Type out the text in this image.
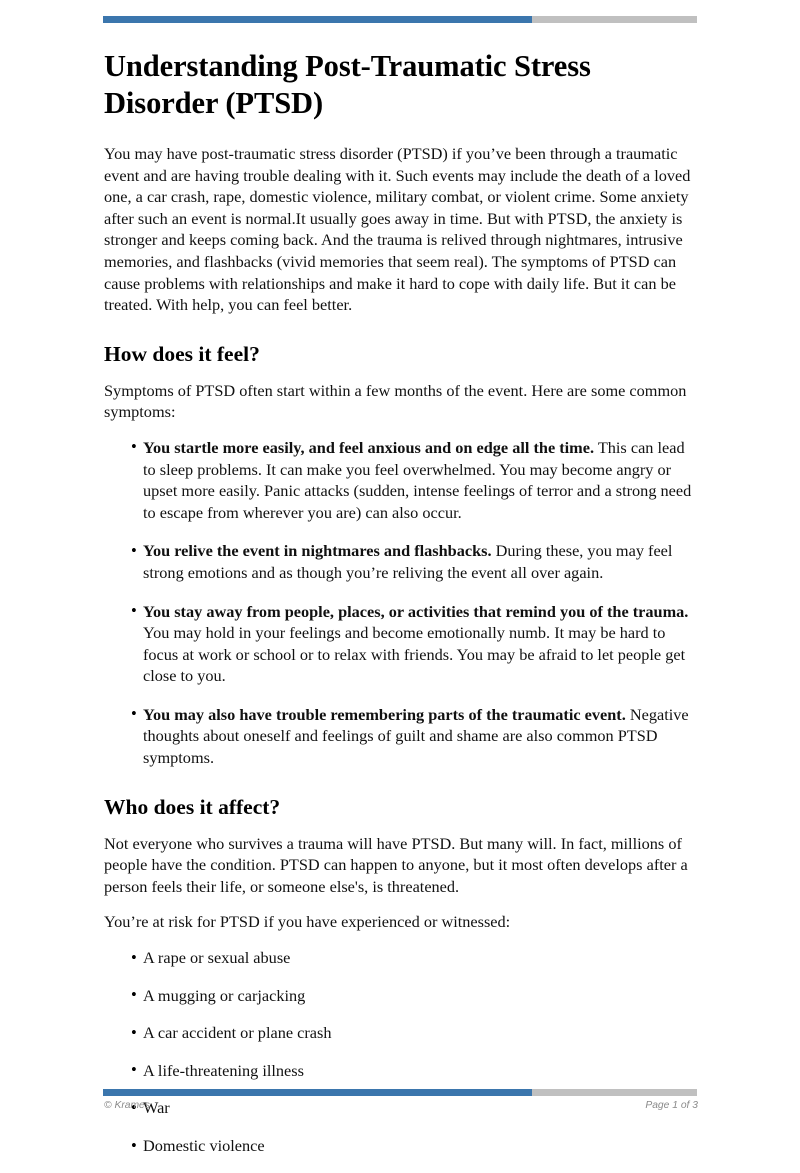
Understanding Post-Traumatic Stress Disorder (PTSD)

You may have post-traumatic stress disorder (PTSD) if you’ve been through a traumatic event and are having trouble dealing with it. Such events may include the death of a loved one, a car crash, rape, domestic violence, military combat, or violent crime. Some anxiety after such an event is normal.It usually goes away in time. But with PTSD, the anxiety is stronger and keeps coming back. And the trauma is relived through nightmares, intrusive memories, and flashbacks (vivid memories that seem real). The symptoms of PTSD can cause problems with relationships and make it hard to cope with daily life. But it can be treated. With help, you can feel better.

How does it feel?

Symptoms of PTSD often start within a few months of the event. Here are some common symptoms:

• You startle more easily, and feel anxious and on edge all the time. This can lead to sleep problems. It can make you feel overwhelmed. You may become angry or upset more easily. Panic attacks (sudden, intense feelings of terror and a strong need to escape from wherever you are) can also occur.
• You relive the event in nightmares and flashbacks. During these, you may feel strong emotions and as though you’re reliving the event all over again.
• You stay away from people, places, or activities that remind you of the trauma. You may hold in your feelings and become emotionally numb. It may be hard to focus at work or school or to relax with friends. You may be afraid to let people get close to you.
• You may also have trouble remembering parts of the traumatic event. Negative thoughts about oneself and feelings of guilt and shame are also common PTSD symptoms.
Who does it affect?

Not everyone who survives a trauma will have PTSD. But many will. In fact, millions of people have the condition. PTSD can happen to anyone, but it most often develops after a person feels their life, or someone else's, is threatened.

You’re at risk for PTSD if you have experienced or witnessed:

• A rape or sexual abuse
• A mugging or carjacking
• A car accident or plane crash
• A life-threatening illness
• War
• Domestic violence
© Krames	Page 1 of 3
